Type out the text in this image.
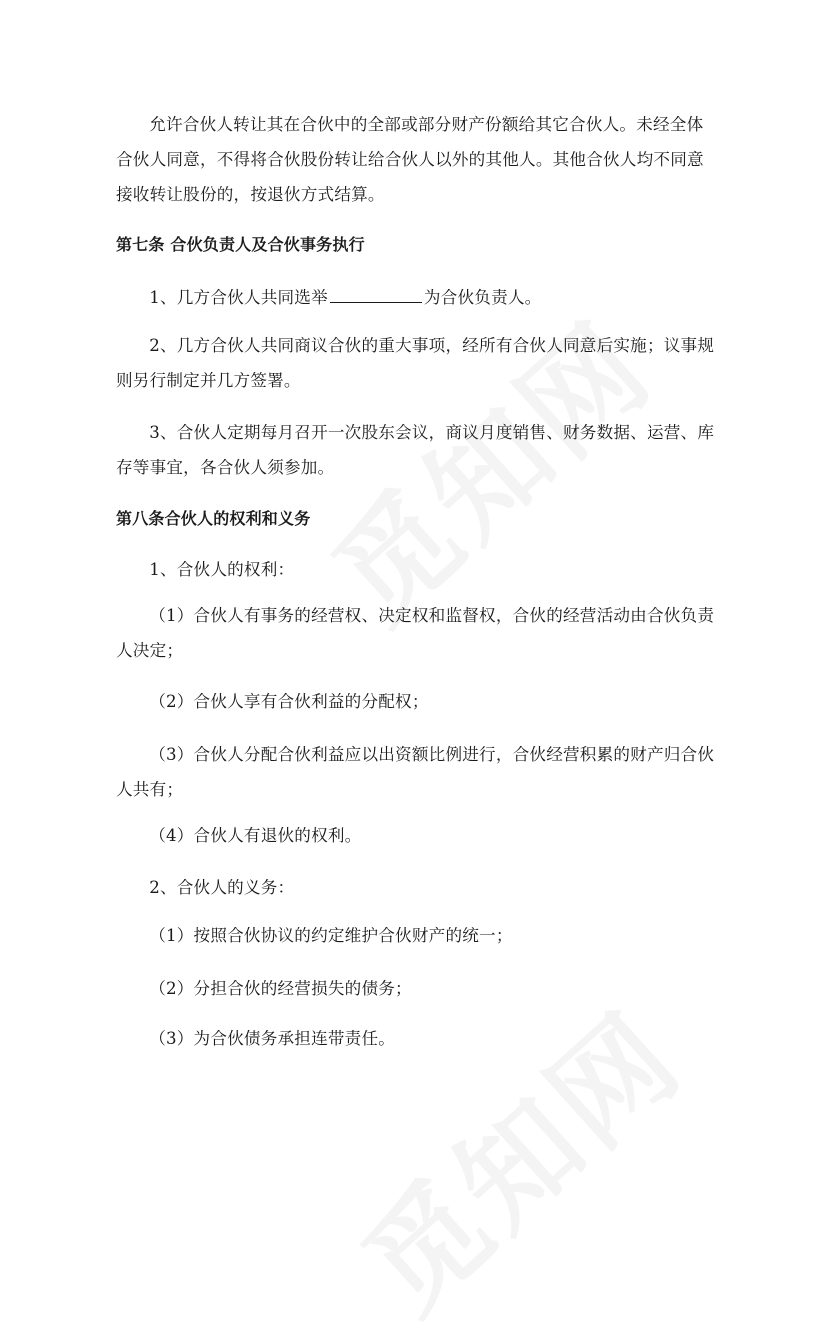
允许合伙人转让其在合伙中的全部或部分财产份额给其它合伙人。未经全体合伙人同意，不得将合伙股份转让给合伙人以外的其他人。其他合伙人均不同意接收转让股份的，按退伙方式结算。

第七条 合伙负责人及合伙事务执行

1、几方合伙人共同选举	为合伙负责人。

2、几方合伙人共同商议合伙的重大事项，经所有合伙人同意后实施；议事规则另行制定并几方签署。

3、合伙人定期每月召开一次股东会议，商议月度销售、财务数据、运营、库存等事宜，各合伙人须参加。

第八条合伙人的权利和义务

1、合伙人的权利：

（1）合伙人有事务的经营权、决定权和监督权，合伙的经营活动由合伙负责人决定；

（2）合伙人享有合伙利益的分配权；

（3）合伙人分配合伙利益应以出资额比例进行，合伙经营积累的财产归合伙人共有；

（4）合伙人有退伙的权利。

2、合伙人的义务：

（1）按照合伙协议的约定维护合伙财产的统一；

（2）分担合伙的经营损失的债务；

（3）为合伙债务承担连带责任。
